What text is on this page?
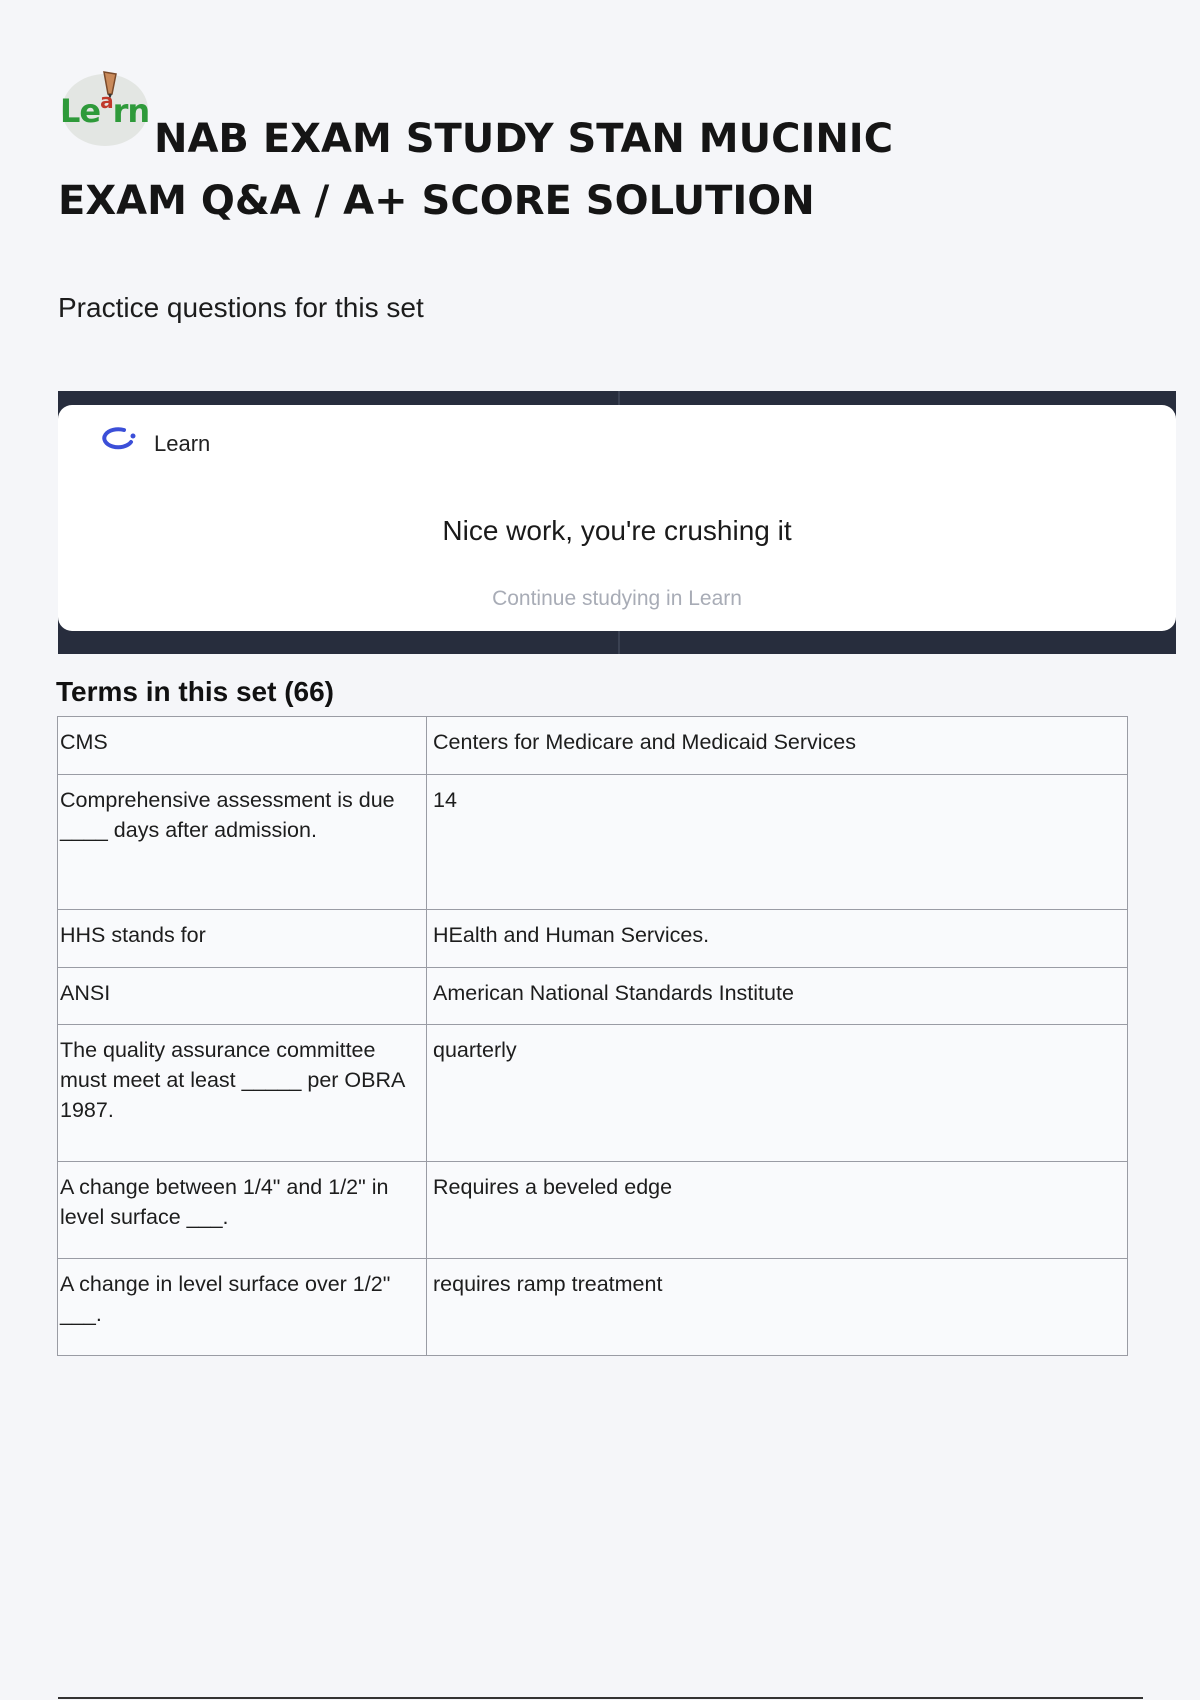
Le$^a$rn
NAB EXAM STUDY STAN MUCINIC
EXAM Q&A / A+ SCORE SOLUTION

Practice questions for this set

Learn
Nice work, you're crushing it
Continue studying in Learn
Terms in this set (66)
CMS	Centers for Medicare and Medicaid Services
Comprehensive assessment is due ____ days after admission.	14
HHS stands for	HEalth and Human Services.
ANSI	American National Standards Institute
The quality assurance committee must meet at least _____ per OBRA 1987.	quarterly
A change between 1/4" and 1/2" in level surface ___.	Requires a beveled edge
A change in level surface over 1/2" ___.	requires ramp treatment
